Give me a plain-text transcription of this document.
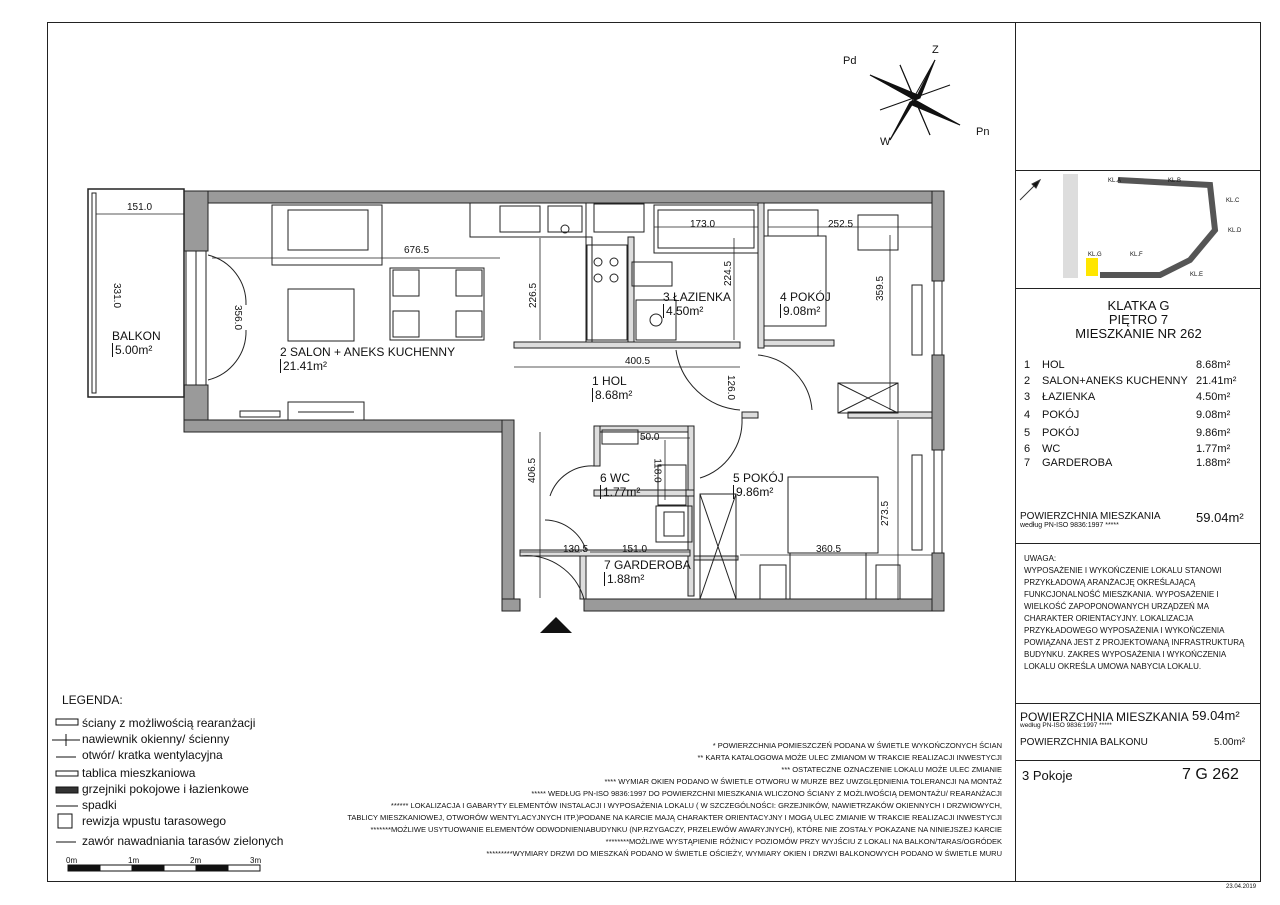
Z
Pd
W
Pn
2 SALON + ANEKS KUCHENNY
21.41m²
3 ŁAZIENKA
4.50m²
4 POKÓJ
9.08m²
1 HOL
8.68m²
5 POKÓJ
9.86m²
6 WC
1.77m²
7 GARDEROBA
1.88m²
BALKON
5.00m²
151.0
331.0
676.5
356.0
226.5
173.0
224.5
252.5
359.5
400.5
406.5
50.0
118.0
273.5
130.5	151.0	360.5
126.0
LEGENDA:
ściany z możliwością rearanżacji
nawiewnik okienny/ ścienny
otwór/ kratka wentylacyjna
tablica mieszkaniowa
grzejniki pokojowe i łazienkowe
spadki
rewizja wpustu tarasowego
zawór nawadniania tarasów zielonych
0m	1m	2m	3m
* POWIERZCHNIA POMIESZCZEŃ PODANA W ŚWIETLE WYKOŃCZONYCH ŚCIAN
** KARTA KATALOGOWA MOŻE ULEC ZMIANOM W TRAKCIE REALIZACJI INWESTYCJI
*** OSTATECZNE OZNACZENIE LOKALU MOŻE ULEC ZMIANIE
**** WYMIAR OKIEN PODANO W ŚWIETLE OTWORU W MURZE BEZ UWZGLĘDNIENIA TOLERANCJI NA MONTAŻ
***** WEDŁUG PN-ISO 9836:1997 DO POWIERZCHNI MIESZKANIA WLICZONO ŚCIANY Z MOŻLIWOŚCIĄ DEMONTAŻU/ REARANŻACJI
****** LOKALIZACJA I GABARYTY ELEMENTÓW INSTALACJI I WYPOSAŻENIA LOKALU ( W SZCZEGÓLNOŚCI: GRZEJNIKÓW, NAWIETRZAKÓW OKIENNYCH I DRZWIOWYCH,
TABLICY MIESZKANIOWEJ, OTWORÓW WENTYLACYJNYCH ITP.)PODANE NA KARCIE MAJĄ CHARAKTER ORIENTACYJNY I MOGĄ ULEC ZMIANIE W TRAKCIE REALIZACJI INWESTYCJI
*******MOŻLIWE USYTUOWANIE ELEMENTÓW ODWODNIENIABUDYNKU (NP.RZYGACZY, PRZELEWÓW AWARYJNYCH), KTÓRE NIE ZOSTAŁY POKAZANE NA NINIEJSZEJ KARCIE
********MOŻLIWE WYSTĄPIENIE RÓŻNICY POZIOMÓW PRZY WYJŚCIU Z LOKALI NA BALKON/TARAS/OGRÓDEK
*********WYMIARY DRZWI DO MIESZKAŃ PODANO W ŚWIETLE OŚCIEŻY, WYMIARY OKIEN I DRZWI BALKONOWYCH PODANO W ŚWIETLE MURU
KL.A	KL.B
KL.C
KL.D
KL.E
KL.F
KL.G
KLATKA G
PIĘTRO 7
MIESZKANIE NR 262
1 HOL	8.68m²
2 SALON+ANEKS KUCHENNY 21.41m²
3 ŁAZIENKA	4.50m²
4 POKÓJ	9.08m²
5 POKÓJ	9.86m²
6 WC	1.77m²
7 GARDEROBA	1.88m²
POWIERZCHNIA MIESZKANIA
według PN-ISO 9836:1997 *****
59.04m²
UWAGA:
WYPOSAŻENIE I WYKOŃCZENIE LOKALU STANOWI PRZYKŁADOWĄ ARANŻACJĘ OKREŚLAJĄCĄ FUNKCJONALNOŚĆ MIESZKANIA. WYPOSAŻENIE I WIELKOŚĆ ZAPOPONOWANYCH URZĄDZEŃ MA CHARAKTER ORIENTACYJNY. LOKALIZACJA PRZYKŁADOWEGO WYPOSAŻENIA I WYKOŃCZENIA POWIĄZANA JEST Z PROJEKTOWANĄ INFRASTRUKTURĄ BUDYNKU. ZAKRES WYPOSAŻENIA I WYKOŃCZENIA LOKALU OKREŚLA UMOWA NABYCIA LOKALU.
POWIERZCHNIA MIESZKANIA
według PN-ISO 9836:1997 *****
59.04m²
POWIERZCHNIA BALKONU	5.00m²
3 Pokoje	7 G 262
23.04.2019
